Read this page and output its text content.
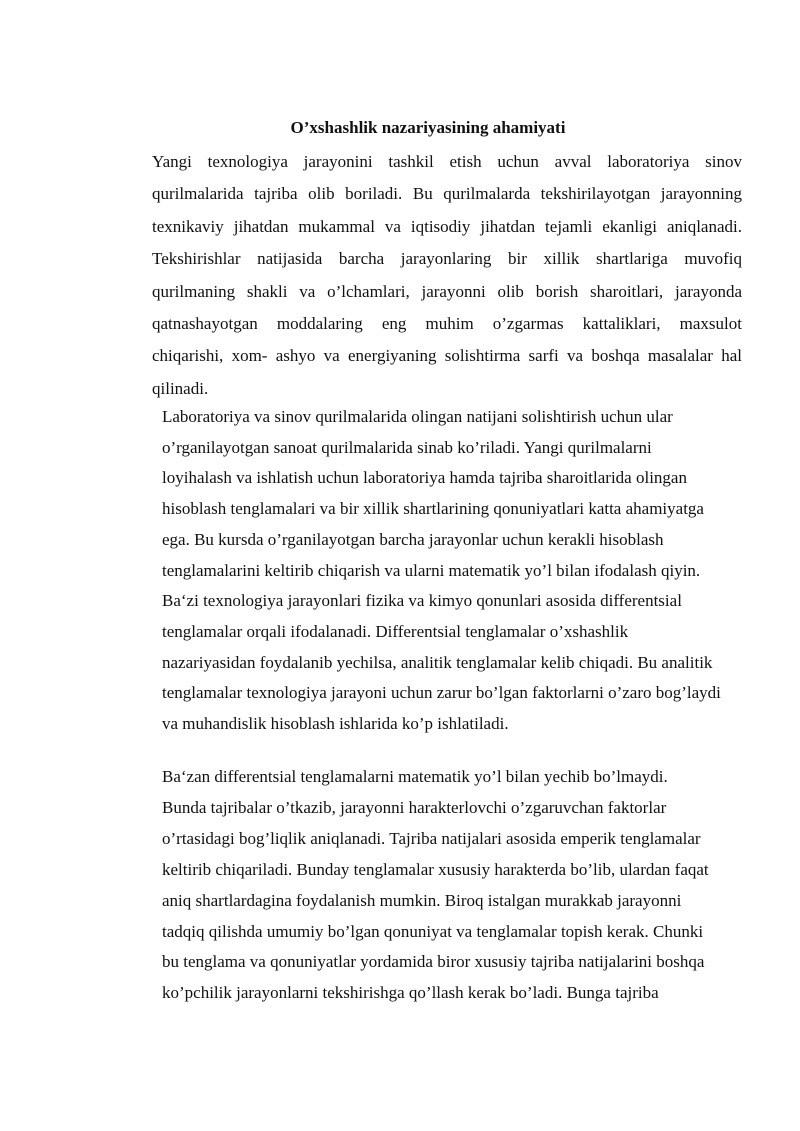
O’xshashlik nazariyasining ahamiyati

Yangi texnologiya jarayonini tashkil etish uchun avval laboratoriya sinov
qurilmalarida tajriba olib boriladi. Bu qurilmalarda tekshirilayotgan jarayonning
texnikaviy jihatdan mukammal va iqtisodiy jihatdan tejamli ekanligi aniqlanadi.
Tekshirishlar natijasida barcha jarayonlaring bir xillik shartlariga muvofiq
qurilmaning shakli va o’lchamlari, jarayonni olib borish sharoitlari, jarayonda
qatnashayotgan moddalaring eng muhim o’zgarmas kattaliklari, maxsulot
chiqarishi, xom- ashyo va energiyaning solishtirma sarfi va boshqa masalalar hal
qilinadi.

Laboratoriya va sinov qurilmalarida olingan natijani solishtirish uchun ular
o’rganilayotgan sanoat qurilmalarida sinab ko’riladi. Yangi qurilmalarni
loyihalash va ishlatish uchun laboratoriya hamda tajriba sharoitlarida olingan
hisoblash tenglamalari va bir xillik shartlarining qonuniyatlari katta ahamiyatga
ega. Bu kursda o’rganilayotgan barcha jarayonlar uchun kerakli hisoblash
tenglamalarini keltirib chiqarish va ularni matematik yo’l bilan ifodalash qiyin.
Ba‘zi texnologiya jarayonlari fizika va kimyo qonunlari asosida differentsial
tenglamalar orqali ifodalanadi. Differentsial tenglamalar o’xshashlik
nazariyasidan foydalanib yechilsa, analitik tenglamalar kelib chiqadi. Bu analitik
tenglamalar texnologiya jarayoni uchun zarur bo’lgan faktorlarni o’zaro bog’laydi
va muhandislik hisoblash ishlarida ko’p ishlatiladi.

Ba‘zan differentsial tenglamalarni matematik yo’l bilan yechib bo’lmaydi.
Bunda tajribalar o’tkazib, jarayonni harakterlovchi o’zgaruvchan faktorlar
o’rtasidagi bog’liqlik aniqlanadi. Tajriba natijalari asosida emperik tenglamalar
keltirib chiqariladi. Bunday tenglamalar xususiy harakterda bo’lib, ulardan faqat
aniq shartlardagina foydalanish mumkin. Biroq istalgan murakkab jarayonni
tadqiq qilishda umumiy bo’lgan qonuniyat va tenglamalar topish kerak. Chunki
bu tenglama va qonuniyatlar yordamida biror xususiy tajriba natijalarini boshqa
ko’pchilik jarayonlarni tekshirishga qo’llash kerak bo’ladi. Bunga tajriba
